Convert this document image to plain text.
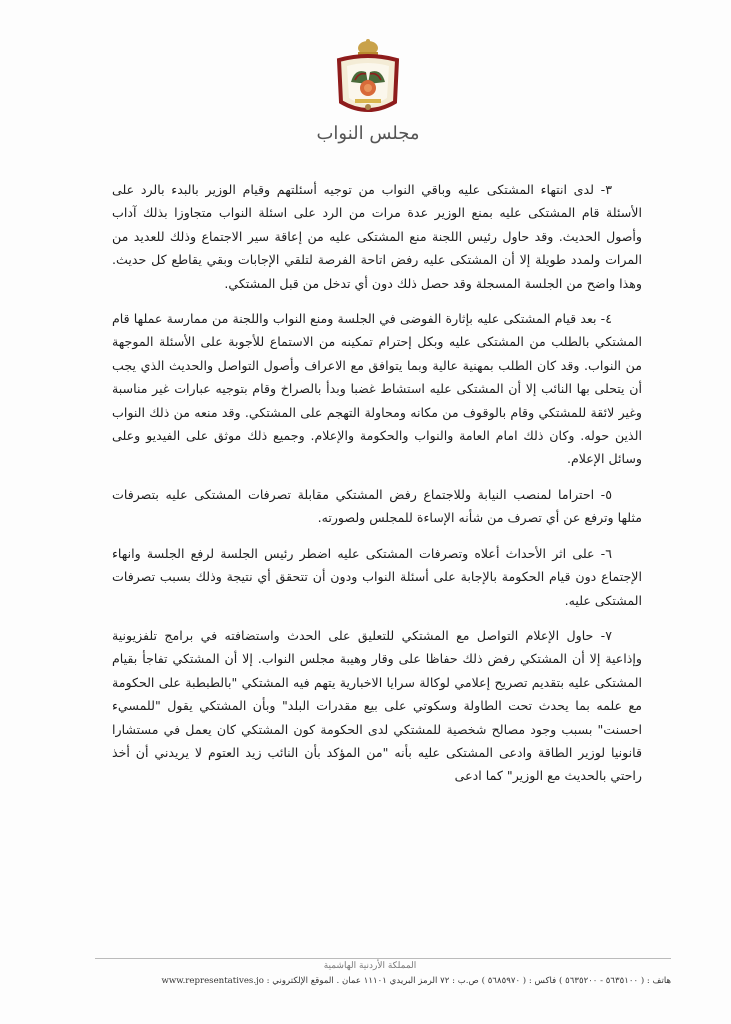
مجلس النواب

٣- لدى انتهاء المشتكى عليه وباقي النواب من توجيه أسئلتهم وقيام الوزير بالبدء بالرد على الأسئلة قام المشتكى عليه بمنع الوزير عدة مرات من الرد على اسئلة النواب متجاوزا بذلك آداب وأصول الحديث. وقد حاول رئيس اللجنة منع المشتكى عليه من إعاقة سير الاجتماع وذلك للعديد من المرات ولمدد طويلة إلا أن المشتكى عليه رفض اتاحة الفرصة لتلقي الإجابات وبقي يقاطع كل حديث. وهذا واضح من الجلسة المسجلة وقد حصل ذلك دون أي تدخل من قبل المشتكي.

٤- بعد قيام المشتكى عليه بإثارة الفوضى في الجلسة ومنع النواب واللجنة من ممارسة عملها قام المشتكي بالطلب من المشتكى عليه وبكل إحترام تمكينه من الاستماع للأجوبة على الأسئلة الموجهة من النواب. وقد كان الطلب بمهنية عالية وبما يتوافق مع الاعراف وأصول التواصل والحديث الذي يجب أن يتحلى بها النائب إلا أن المشتكى عليه استشاط غضبا وبدأ بالصراخ وقام بتوجيه عبارات غير مناسبة وغير لائقة للمشتكي وقام بالوقوف من مكانه ومحاولة التهجم على المشتكي. وقد منعه من ذلك النواب الذين حوله. وكان ذلك امام العامة والنواب والحكومة والإعلام. وجميع ذلك موثق على الفيديو وعلى وسائل الإعلام.

٥- احتراما لمنصب النيابة وللاجتماع رفض المشتكي مقابلة تصرفات المشتكى عليه بتصرفات مثلها وترفع عن أي تصرف من شأنه الإساءة للمجلس ولصورته.

٦- على اثر الأحداث أعلاه وتصرفات المشتكى عليه اضطر رئيس الجلسة لرفع الجلسة وانهاء الإجتماع دون قيام الحكومة بالإجابة على أسئلة النواب ودون أن تتحقق أي نتيجة وذلك بسبب تصرفات المشتكى عليه.

٧- حاول الإعلام التواصل مع المشتكي للتعليق على الحدث واستضافته في برامج تلفزيونية وإذاعية إلا أن المشتكي رفض ذلك حفاظا على وقار وهيبة مجلس النواب. إلا أن المشتكي تفاجأ بقيام المشتكى عليه بتقديم تصريح إعلامي لوكالة سرايا الاخبارية يتهم فيه المشتكي "بالطبطبة على الحكومة مع علمه بما يحدث تحت الطاولة وسكوتي على بيع مقدرات البلد" وبأن المشتكي يقول "للمسيء احسنت" بسبب وجود مصالح شخصية للمشتكي لدى الحكومة كون المشتكي كان يعمل في مستشارا قانونيا لوزير الطاقة وادعى المشتكى عليه بأنه "من المؤكد بأن النائب زيد العتوم لا يريدني أن أخذ راحتي بالحديث مع الوزير" كما ادعى

المملكة الأردنية الهاشمية
هاتف : ( ٥٦٣٥١٠٠ - ٥٦٣٥٢٠٠ ) فاكس : ( ٥٦٨٥٩٧٠ ) ص.ب : ٧٢ الرمز البريدي ١١١٠١ عمان . الموقع الإلكتروني : www.representatives.jo
